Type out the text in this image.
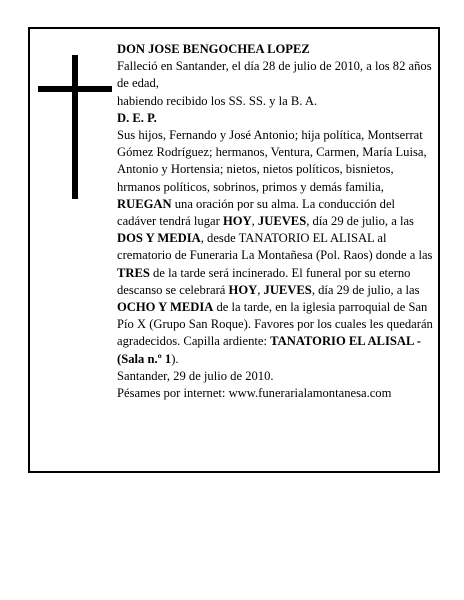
DON JOSE BENGOCHEA LOPEZ

Falleció en Santander, el día 28 de julio de 2010, a los 82 años de edad,

habiendo recibido los SS. SS. y la B. A.

D. E. P.

Sus hijos, Fernando y José Antonio; hija política, Montserrat Gómez Rodríguez; hermanos, Ventura, Carmen, María Luisa, Antonio y Hortensia; nietos, nietos políticos, bisnietos, hrmanos políticos, sobrinos, primos y demás familia,

RUEGAN una oración por su alma. La conducción del cadáver tendrá lugar HOY, JUEVES, día 29 de julio, a las DOS Y MEDIA, desde TANATORIO EL ALISAL al crematorio de Funeraria La Montañesa (Pol. Raos) donde a las TRES de la tarde será incinerado. El funeral por su eterno descanso se celebrará HOY, JUEVES, día 29 de julio, a las OCHO Y MEDIA de la tarde, en la iglesia parroquial de San Pío X (Grupo San Roque). Favores por los cuales les quedarán agradecidos. Capilla ardiente: TANATORIO EL ALISAL - (Sala n.º 1).

Santander, 29 de julio de 2010.

Pésames por internet: www.funerarialamontanesa.com
